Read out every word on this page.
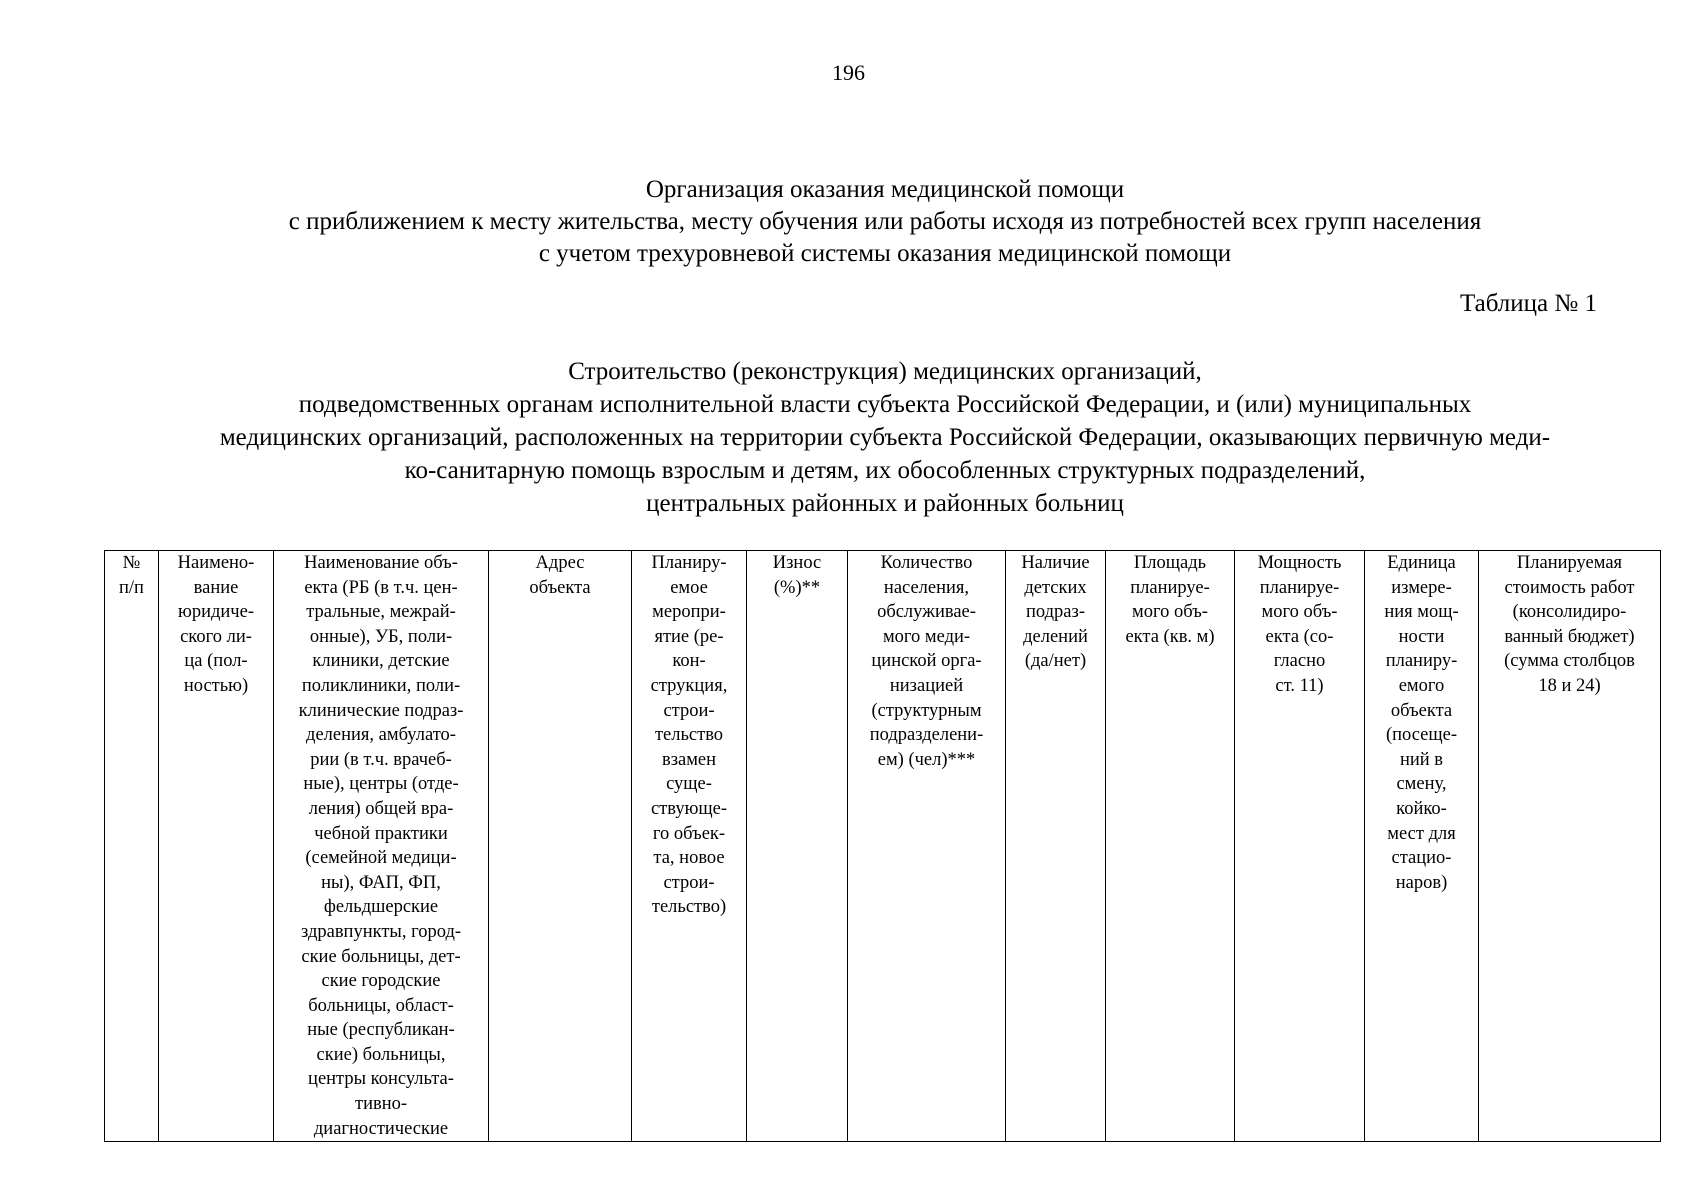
196
Организация оказания медицинской помощи
с приближением к месту жительства, месту обучения или работы исходя из потребностей всех групп населения
с учетом трехуровневой системы оказания медицинской помощи
Таблица № 1
Строительство (реконструкция) медицинских организаций,
подведомственных органам исполнительной власти субъекта Российской Федерации, и (или) муниципальных
медицинских организаций, расположенных на территории субъекта Российской Федерации, оказывающих первичную меди-
ко-санитарную помощь взрослым и детям, их обособленных структурных подразделений,
центральных районных и районных больниц
№
п/п	Наимено-
вание
юридиче-
ского ли-
ца (пол-
ностью)	Наименование объ-
екта (РБ (в т.ч. цен-
тральные, межрай-
онные), УБ, поли-
клиники, детские
поликлиники, поли-
клинические подраз-
деления, амбулато-
рии (в т.ч. врачеб-
ные), центры (отде-
ления) общей вра-
чебной практики
(семейной медици-
ны), ФАП, ФП,
фельдшерские
здравпункты, город-
ские больницы, дет-
ские городские
больницы, област-
ные (республикан-
ские) больницы,
центры консульта-
тивно-
диагностические	Адрес
объекта	Планиру-
емое
меропри-
ятие (ре-
кон-
струкция,
строи-
тельство
взамен
суще-
ствующе-
го объек-
та, новое
строи-
тельство)	Износ
(%)**	Количество
населения,
обслуживае-
мого меди-
цинской орга-
низацией
(структурным
подразделени-
ем) (чел)***	Наличие
детских
подраз-
делений
(да/нет)	Площадь
планируе-
мого объ-
екта (кв. м)	Мощность
планируе-
мого объ-
екта (со-
гласно
ст. 11)	Единица
измере-
ния мощ-
ности
планиру-
емого
объекта
(посеще-
ний в
смену,
койко-
мест для
стацио-
наров)	Планируемая
стоимость работ
(консолидиро-
ванный бюджет)
(сумма столбцов
18 и 24)
